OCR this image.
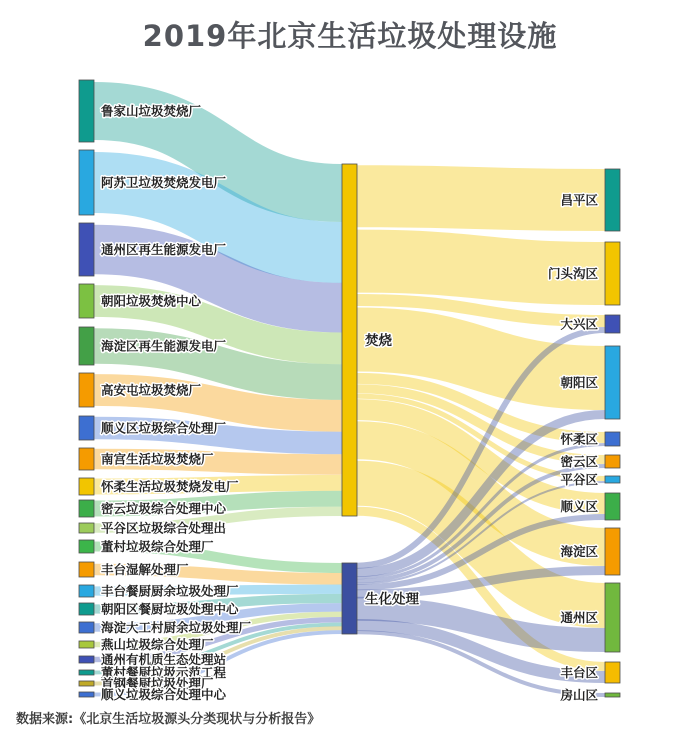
鲁家山垃圾焚烧厂
阿苏卫垃圾焚烧发电厂
通州区再生能源发电厂
朝阳垃圾焚烧中心
海淀区再生能源发电厂
高安屯垃圾焚烧厂
顺义区垃圾综合处理厂
南宫生活垃圾焚烧厂
怀柔生活垃圾焚烧发电厂
密云垃圾综合处理中心
平谷区垃圾综合处理出
董村垃圾综合处理厂
丰台湿解处理厂
丰台餐厨厨余垃圾处理厂
朝阳区餐厨垃圾处理中心
海淀大工村厨余垃圾处理厂
燕山垃圾综合处理厂
通州有机质生态处理站
董村餐厨垃圾示范工程
首钢餐厨垃圾处理厂
顺义垃圾综合处理中心
焚烧
生化处理
昌平区
门头沟区
大兴区
朝阳区
怀柔区
密云区
平谷区
顺义区
海淀区
通州区
丰台区
房山区
2019年北京生活垃圾处理设施
数据来源:《北京生活垃圾源头分类现状与分析报告》
